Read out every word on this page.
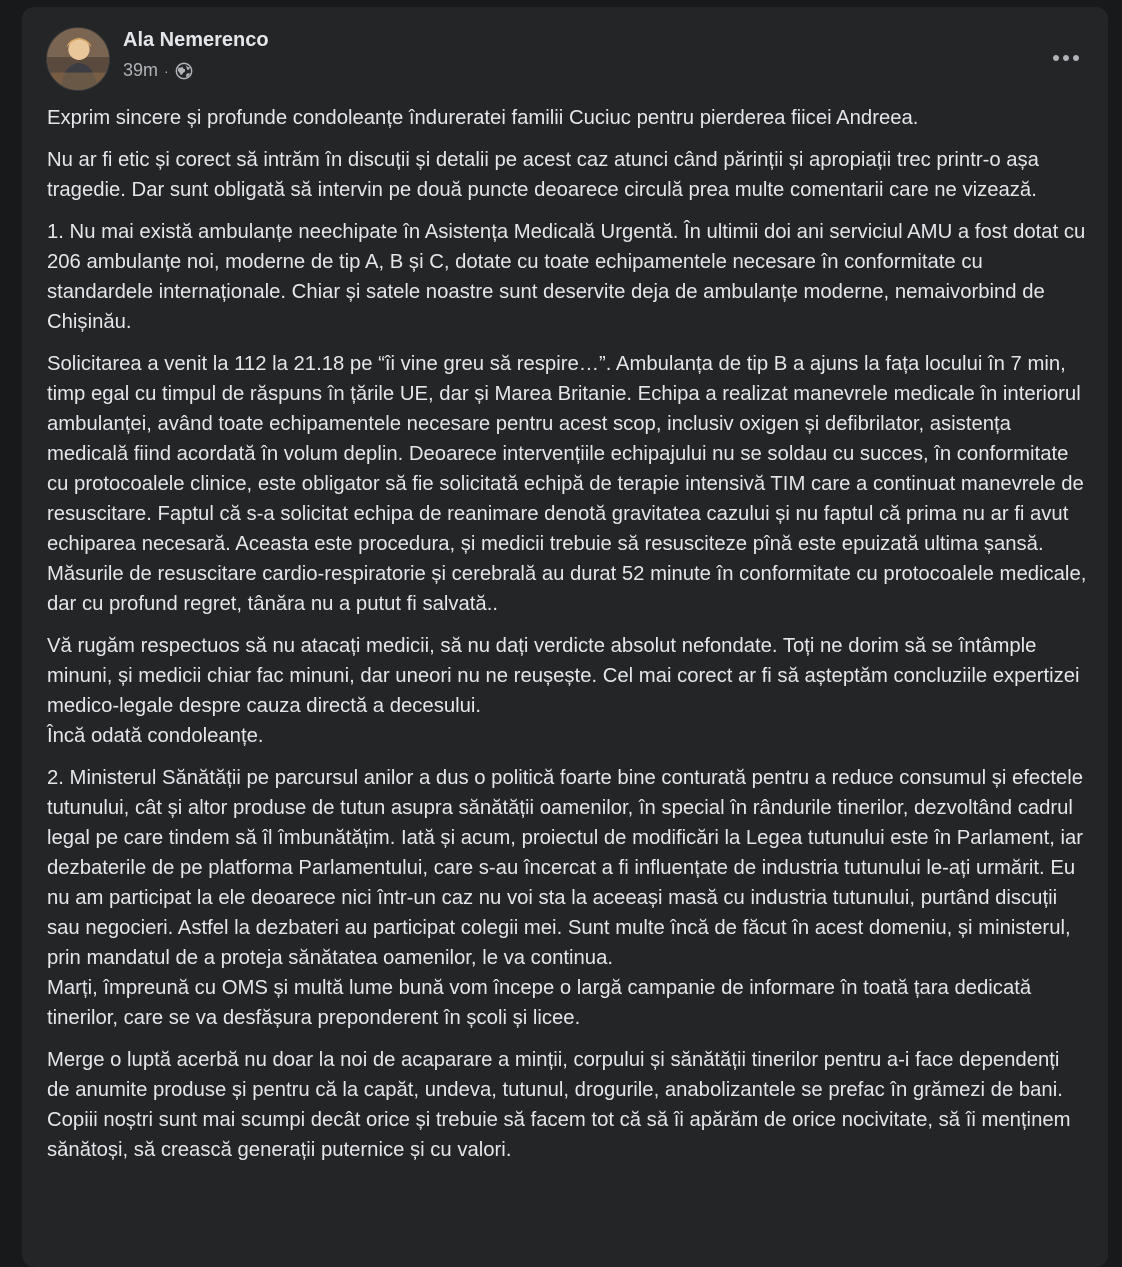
Ala Nemerenco
39m ·

Exprim sincere și profunde condoleanțe îndureratei familii Cuciuc pentru pierderea fiicei Andreea.

Nu ar fi etic și corect să intrăm în discuții și detalii pe acest caz atunci când părinții și apropiații trec printr-o așa tragedie. Dar sunt obligată să intervin pe două puncte deoarece circulă prea multe comentarii care ne vizează.

1. Nu mai există ambulanțe neechipate în Asistența Medicală Urgentă. În ultimii doi ani serviciul AMU a fost dotat cu 206 ambulanțe noi, moderne de tip A, B și C, dotate cu toate echipamentele necesare în conformitate cu standardele internaționale. Chiar și satele noastre sunt deservite deja de ambulanțe moderne, nemaivorbind de Chișinău.

Solicitarea a venit la 112 la 21.18 pe “îi vine greu să respire…”. Ambulanța de tip B a ajuns la fața locului în 7 min, timp egal cu timpul de răspuns în țările UE, dar și Marea Britanie. Echipa a realizat manevrele medicale în interiorul ambulanței, având toate echipamentele necesare pentru acest scop, inclusiv oxigen și defibrilator, asistența medicală fiind acordată în volum deplin. Deoarece intervențiile echipajului nu se soldau cu succes, în conformitate cu protocoalele clinice, este obligator să fie solicitată echipă de terapie intensivă TIM care a continuat manevrele de resuscitare. Faptul că s-a solicitat echipa de reanimare denotă gravitatea cazului și nu faptul că prima nu ar fi avut echiparea necesară. Aceasta este procedura, și medicii trebuie să resusciteze pînă este epuizată ultima șansă. Măsurile de resuscitare cardio-respiratorie și cerebrală au durat 52 minute în conformitate cu protocoalele medicale, dar cu profund regret, tânăra nu a putut fi salvată..

Vă rugăm respectuos să nu atacați medicii, să nu dați verdicte absolut nefondate. Toți ne dorim să se întâmple minuni, și medicii chiar fac minuni, dar uneori nu ne reușește. Cel mai corect ar fi să așteptăm concluziile expertizei medico-legale despre cauza directă a decesului.
Încă odată condoleanțe.

2. Ministerul Sănătății pe parcursul anilor a dus o politică foarte bine conturată pentru a reduce consumul și efectele tutunului, cât și altor produse de tutun asupra sănătății oamenilor, în special în rândurile tinerilor, dezvoltând cadrul legal pe care tindem să îl îmbunătățim. Iată și acum, proiectul de modificări la Legea tutunului este în Parlament, iar dezbaterile de pe platforma Parlamentului, care s-au încercat a fi influențate de industria tutunului le-ați urmărit. Eu nu am participat la ele deoarece nici într-un caz nu voi sta la aceeași masă cu industria tutunului, purtând discuții sau negocieri. Astfel la dezbateri au participat colegii mei. Sunt multe încă de făcut în acest domeniu, și ministerul, prin mandatul de a proteja sănătatea oamenilor, le va continua.
Marți, împreună cu OMS și multă lume bună vom începe o largă campanie de informare în toată țara dedicată tinerilor, care se va desfășura preponderent în școli și licee.

Merge o luptă acerbă nu doar la noi de acaparare a minții, corpului și sănătății tinerilor pentru a-i face dependenți de anumite produse și pentru că la capăt, undeva, tutunul, drogurile, anabolizantele se prefac în grămezi de bani. Copiii noștri sunt mai scumpi decât orice și trebuie să facem tot că să îi apărăm de orice nocivitate, să îi menținem sănătoși, să crească generații puternice și cu valori.
